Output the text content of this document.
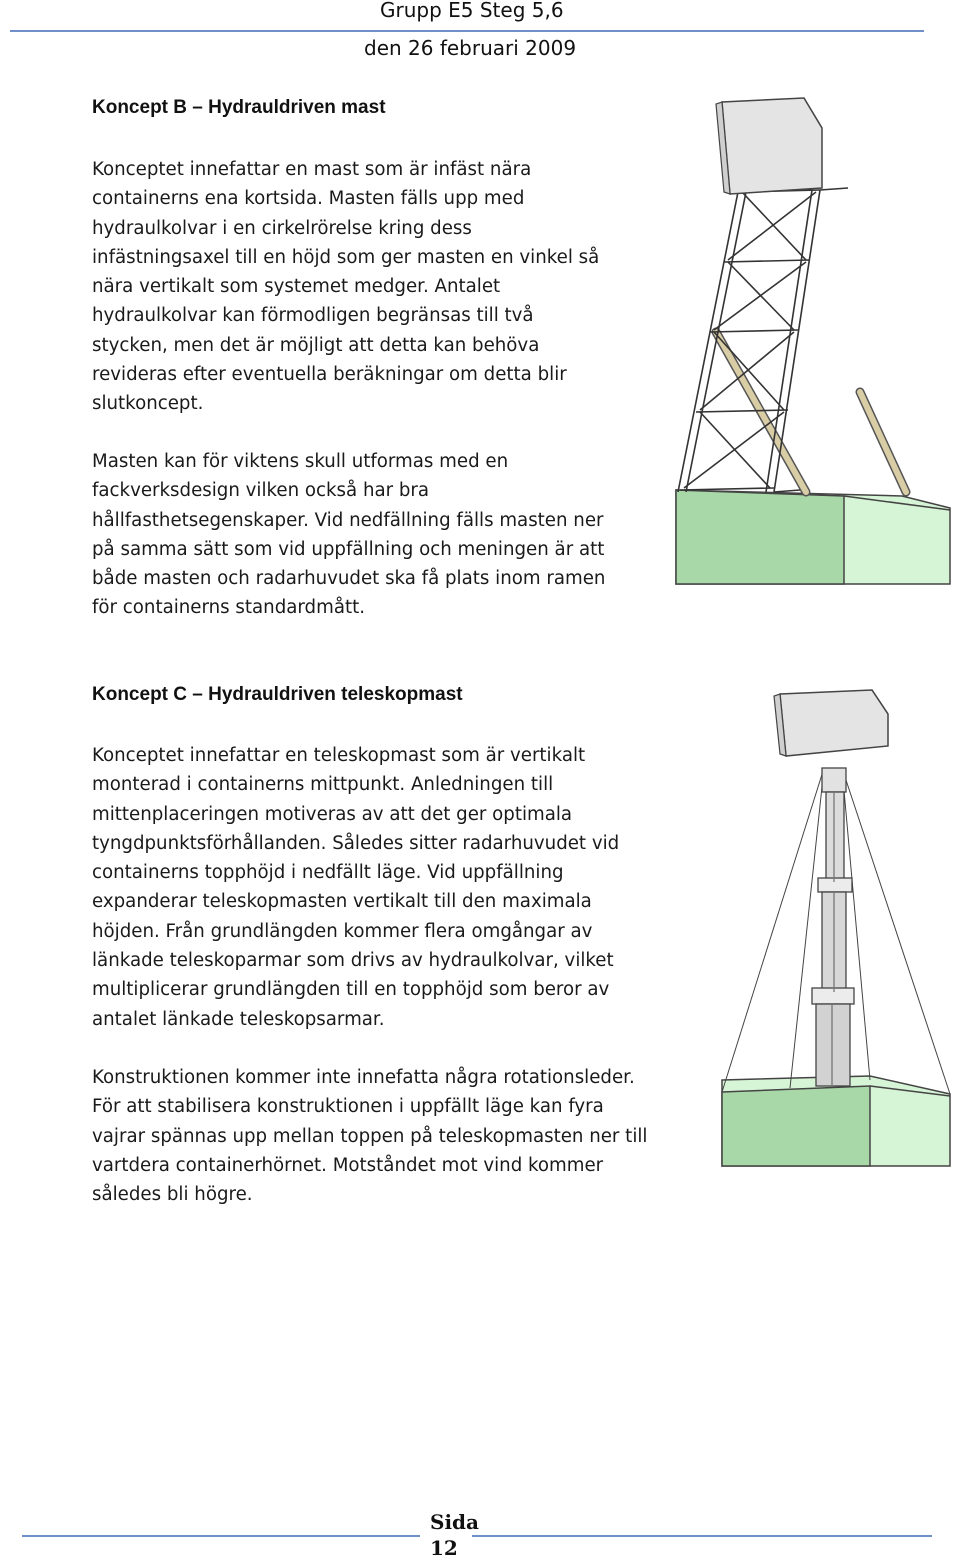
Grupp E5 Steg 5,6
den 26 februari 2009
Koncept B – Hydrauldriven mast
Konceptet innefattar en mast som är infäst nära
containerns ena kortsida. Masten fälls upp med
hydraulkolvar i en cirkelrörelse kring dess
infästningsaxel till en höjd som ger masten en vinkel så
nära vertikalt som systemet medger. Antalet
hydraulkolvar kan förmodligen begränsas till två
stycken, men det är möjligt att detta kan behöva
revideras efter eventuella beräkningar om detta blir
slutkoncept.
Masten kan för viktens skull utformas med en
fackverksdesign vilken också har bra
hållfasthetsegenskaper. Vid nedfällning fälls masten ner
på samma sätt som vid uppfällning och meningen är att
både masten och radarhuvudet ska få plats inom ramen
för containerns standardmått.
Koncept C – Hydrauldriven teleskopmast
Konceptet innefattar en teleskopmast som är vertikalt
monterad i containerns mittpunkt. Anledningen till
mittenplaceringen motiveras av att det ger optimala
tyngdpunktsförhållanden. Således sitter radarhuvudet vid
containerns topphöjd i nedfällt läge. Vid uppfällning
expanderar teleskopmasten vertikalt till den maximala
höjden. Från grundlängden kommer flera omgångar av
länkade teleskoparmar som drivs av hydraulkolvar, vilket
multiplicerar grundlängden till en topphöjd som beror av
antalet länkade teleskopsarmar.
Konstruktionen kommer inte innefatta några rotationsleder.
För att stabilisera konstruktionen i uppfällt läge kan fyra
vajrar spännas upp mellan toppen på teleskopmasten ner till
vartdera containerhörnet. Motståndet mot vind kommer
således bli högre.
Sida
12
